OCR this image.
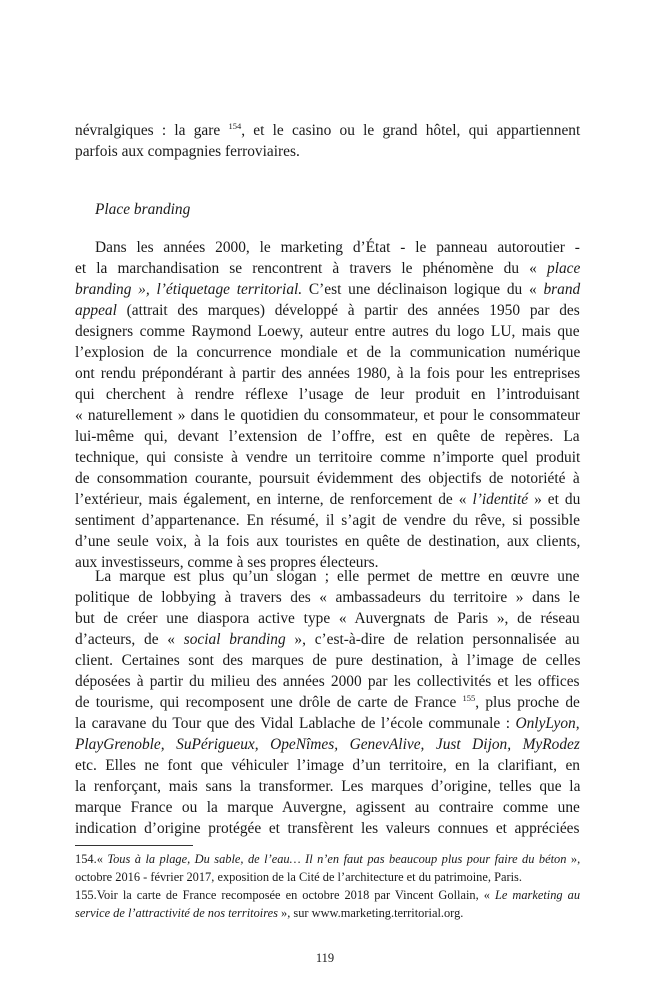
névralgiques : la gare $^{154}$, et le casino ou le grand hôtel, qui appartiennent
parfois aux compagnies ferroviaires.
Place branding
Dans les années 2000, le marketing d’État - le panneau autoroutier -
et la marchandisation se rencontrent à travers le phénomène du « place
branding », l’étiquetage territorial. C’est une déclinaison logique du « brand
appeal (attrait des marques) développé à partir des années 1950 par des
designers comme Raymond Loewy, auteur entre autres du logo LU, mais que
l’explosion de la concurrence mondiale et de la communication numérique
ont rendu prépondérant à partir des années 1980, à la fois pour les entreprises
qui cherchent à rendre réflexe l’usage de leur produit en l’introduisant
« naturellement » dans le quotidien du consommateur, et pour le consommateur
lui-même qui, devant l’extension de l’offre, est en quête de repères. La
technique, qui consiste à vendre un territoire comme n’importe quel produit
de consommation courante, poursuit évidemment des objectifs de notoriété à
l’extérieur, mais également, en interne, de renforcement de « l’identité » et du
sentiment d’appartenance. En résumé, il s’agit de vendre du rêve, si possible
d’une seule voix, à la fois aux touristes en quête de destination, aux clients,
aux investisseurs, comme à ses propres électeurs.
La marque est plus qu’un slogan ; elle permet de mettre en œuvre une
politique de lobbying à travers des « ambassadeurs du territoire » dans le
but de créer une diaspora active type « Auvergnats de Paris », de réseau
d’acteurs, de « social branding », c’est-à-dire de relation personnalisée au
client. Certaines sont des marques de pure destination, à l’image de celles
déposées à partir du milieu des années 2000 par les collectivités et les offices
de tourisme, qui recomposent une drôle de carte de France $^{155}$, plus proche de
la caravane du Tour que des Vidal Lablache de l’école communale : OnlyLyon,
PlayGrenoble, SuPérigueux, OpeNîmes, GenevAlive, Just Dijon, MyRodez
etc. Elles ne font que véhiculer l’image d’un territoire, en la clarifiant, en
la renforçant, mais sans la transformer. Les marques d’origine, telles que la
marque France ou la marque Auvergne, agissent au contraire comme une
indication d’origine protégée et transfèrent les valeurs connues et appréciées
154.« Tous à la plage, Du sable, de l’eau… Il n’en faut pas beaucoup plus pour faire du béton »,
octobre 2016 - février 2017, exposition de la Cité de l’architecture et du patrimoine, Paris.
155.Voir la carte de France recomposée en octobre 2018 par Vincent Gollain, « Le marketing au
service de l’attractivité de nos territoires », sur www.marketing.territorial.org.
119
